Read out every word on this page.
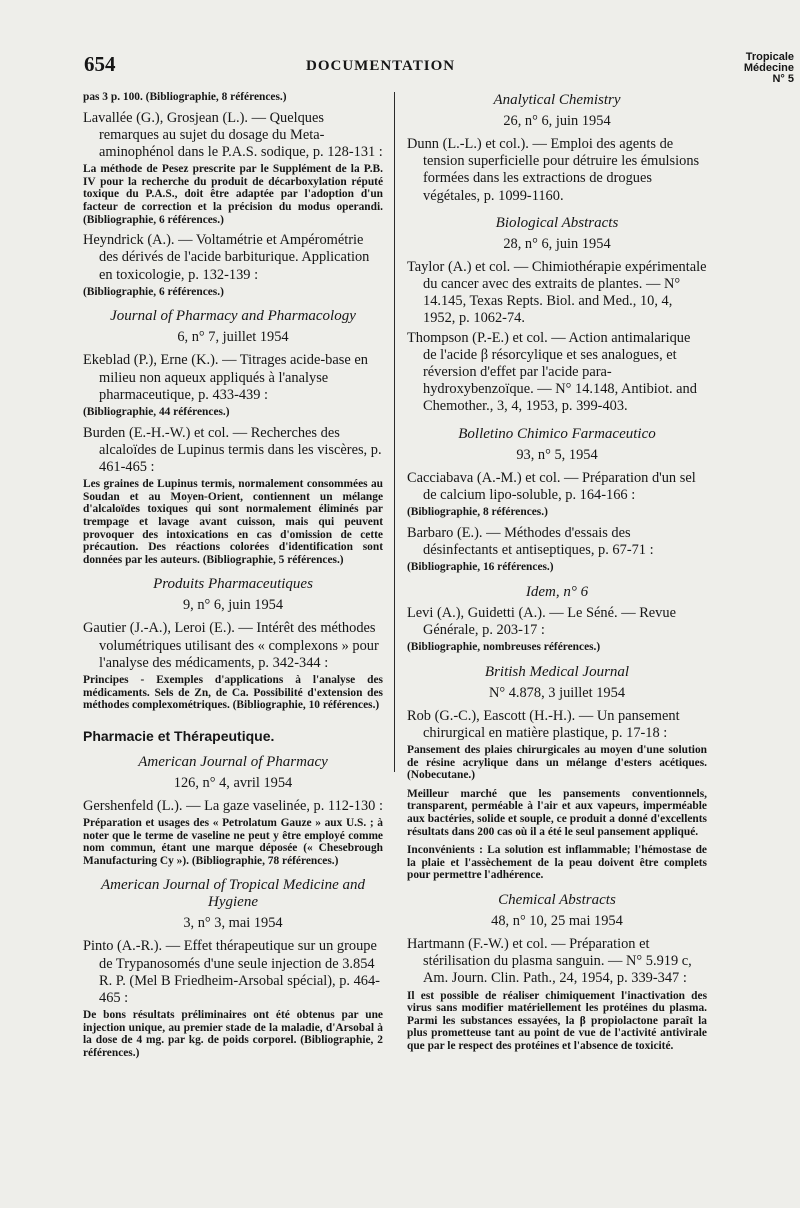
654	DOCUMENTATION
Tropicale
Médecine
N° 5
pas 3 p. 100. (Bibliographie, 8 références.)
Lavallée (G.), Grosjean (L.). — Quelques remarques au sujet du dosage du Meta-aminophénol dans le P.A.S. sodique, p. 128-131 :
La méthode de Pesez prescrite par le Supplément de la P.B. IV pour la recherche du produit de décarboxylation réputé toxique du P.A.S., doit être adaptée par l'adoption d'un facteur de correction et la précision du modus operandi. (Bibliographie, 6 références.)
Heyndrick (A.). — Voltamétrie et Ampérométrie des dérivés de l'acide barbiturique. Application en toxicologie, p. 132-139 :
(Bibliographie, 6 références.)
Journal of Pharmacy and Pharmacology
6, n° 7, juillet 1954
Ekeblad (P.), Erne (K.). — Titrages acide-base en milieu non aqueux appliqués à l'analyse pharmaceutique, p. 433-439 :
(Bibliographie, 44 références.)
Burden (E.-H.-W.) et col. — Recherches des alcaloïdes de Lupinus termis dans les viscères, p. 461-465 :
Les graines de Lupinus termis, normalement consommées au Soudan et au Moyen-Orient, contiennent un mélange d'alcaloïdes toxiques qui sont normalement éliminés par trempage et lavage avant cuisson, mais qui peuvent provoquer des intoxications en cas d'omission de cette précaution. Des réactions colorées d'identification sont données par les auteurs. (Bibliographie, 5 références.)
Produits Pharmaceutiques
9, n° 6, juin 1954
Gautier (J.-A.), Leroi (E.). — Intérêt des méthodes volumétriques utilisant des « complexons » pour l'analyse des médicaments, p. 342-344 :
Principes - Exemples d'applications à l'analyse des médicaments. Sels de Zn, de Ca. Possibilité d'extension des méthodes complexométriques. (Bibliographie, 10 références.)
Pharmacie et Thérapeutique.
American Journal of Pharmacy
126, n° 4, avril 1954
Gershenfeld (L.). — La gaze vaselinée, p. 112-130 :
Préparation et usages des « Petrolatum Gauze » aux U.S. ; à noter que le terme de vaseline ne peut y être employé comme nom commun, étant une marque déposée (« Chesebrough Manufacturing Cy »). (Bibliographie, 78 références.)
American Journal of Tropical Medicine and Hygiene
3, n° 3, mai 1954
Pinto (A.-R.). — Effet thérapeutique sur un groupe de Trypanosomés d'une seule injection de 3.854 R. P. (Mel B Friedheim-Arsobal spécial), p. 464-465 :
De bons résultats préliminaires ont été obtenus par une injection unique, au premier stade de la maladie, d'Arsobal à la dose de 4 mg. par kg. de poids corporel. (Bibliographie, 2 références.)
Analytical Chemistry
26, n° 6, juin 1954
Dunn (L.-L.) et col.). — Emploi des agents de tension superficielle pour détruire les émulsions formées dans les extractions de drogues végétales, p. 1099-1160.
Biological Abstracts
28, n° 6, juin 1954
Taylor (A.) et col. — Chimiothérapie expérimentale du cancer avec des extraits de plantes. — N° 14.145, Texas Repts. Biol. and Med., 10, 4, 1952, p. 1062-74.
Thompson (P.-E.) et col. — Action antimalarique de l'acide β résorcylique et ses analogues, et réversion d'effet par l'acide para-hydroxybenzoïque. — N° 14.148, Antibiot. and Chemother., 3, 4, 1953, p. 399-403.
Bolletino Chimico Farmaceutico
93, n° 5, 1954
Cacciabava (A.-M.) et col. — Préparation d'un sel de calcium lipo-soluble, p. 164-166 :
(Bibliographie, 8 références.)
Barbaro (E.). — Méthodes d'essais des désinfectants et antiseptiques, p. 67-71 :
(Bibliographie, 16 références.)
Idem, n° 6
Levi (A.), Guidetti (A.). — Le Séné. — Revue Générale, p. 203-17 :
(Bibliographie, nombreuses références.)
British Medical Journal
N° 4.878, 3 juillet 1954
Rob (G.-C.), Eascott (H.-H.). — Un pansement chirurgical en matière plastique, p. 17-18 :
Pansement des plaies chirurgicales au moyen d'une solution de résine acrylique dans un mélange d'esters acétiques. (Nobecutane.)
Meilleur marché que les pansements conventionnels, transparent, perméable à l'air et aux vapeurs, imperméable aux bactéries, solide et souple, ce produit a donné d'excellents résultats dans 200 cas où il a été le seul pansement appliqué.
Inconvénients : La solution est inflammable; l'hémostase de la plaie et l'assèchement de la peau doivent être complets pour permettre l'adhérence.
Chemical Abstracts
48, n° 10, 25 mai 1954
Hartmann (F.-W.) et col. — Préparation et stérilisation du plasma sanguin. — N° 5.919 c, Am. Journ. Clin. Path., 24, 1954, p. 339-347 :
Il est possible de réaliser chimiquement l'inactivation des virus sans modifier matériellement les protéines du plasma. Parmi les substances essayées, la β propiolactone paraît la plus prometteuse tant au point de vue de l'activité antivirale que par le respect des protéines et l'absence de toxicité.
